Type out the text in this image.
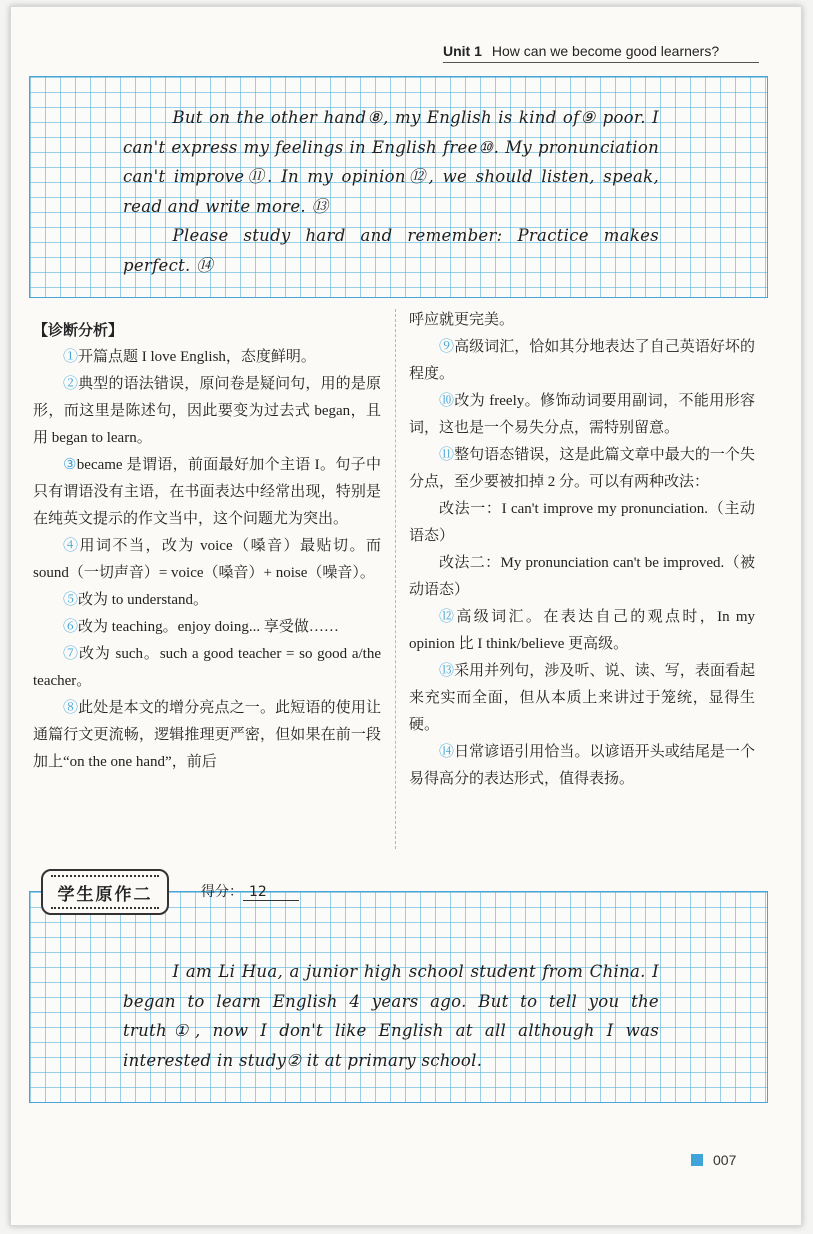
Unit 1 How can we become good learners?

But on the other hand⑧, my English is kind of⑨ poor. I can't express my feelings in English free⑩. My pronunciation can't improve⑪. In my opinion⑫, we should listen, speak, read and write more. ⑬

Please study hard and remember: Practice makes perfect. ⑭

【诊断分析】

①开篇点题 I love English，态度鲜明。

②典型的语法错误，原问卷是疑问句，用的是原形，而这里是陈述句，因此要变为过去式 began，且用 began to learn。

③became 是谓语，前面最好加个主语 I。句子中只有谓语没有主语，在书面表达中经常出现，特别是在纯英文提示的作文当中，这个问题尤为突出。

④用词不当，改为 voice（嗓音）最贴切。而 sound（一切声音）= voice（嗓音）+ noise（噪音）。

⑤改为 to understand。

⑥改为 teaching。enjoy doing... 享受做……

⑦改为 such。such a good teacher = so good a/the teacher。

⑧此处是本文的增分亮点之一。此短语的使用让通篇行文更流畅，逻辑推理更严密，但如果在前一段加上“on the one hand”，前后

呼应就更完美。

⑨高级词汇，恰如其分地表达了自己英语好坏的程度。

⑩改为 freely。修饰动词要用副词，不能用形容词，这也是一个易失分点，需特别留意。

⑪整句语态错误，这是此篇文章中最大的一个失分点，至少要被扣掉 2 分。可以有两种改法：

改法一：I can't improve my pronunciation.（主动语态）

改法二：My pronunciation can't be improved.（被动语态）

⑫高级词汇。在表达自己的观点时，In my opinion 比 I think/believe 更高级。

⑬采用并列句，涉及听、说、读、写，表面看起来充实而全面，但从本质上来讲过于笼统，显得生硬。

⑭日常谚语引用恰当。以谚语开头或结尾是一个易得高分的表达形式，值得表扬。

学生原作二	得分： 12

I am Li Hua, a junior high school student from China. I began to learn English 4 years ago. But to tell you the truth①, now I don't like English at all although I was interested in study② it at primary school.

007
